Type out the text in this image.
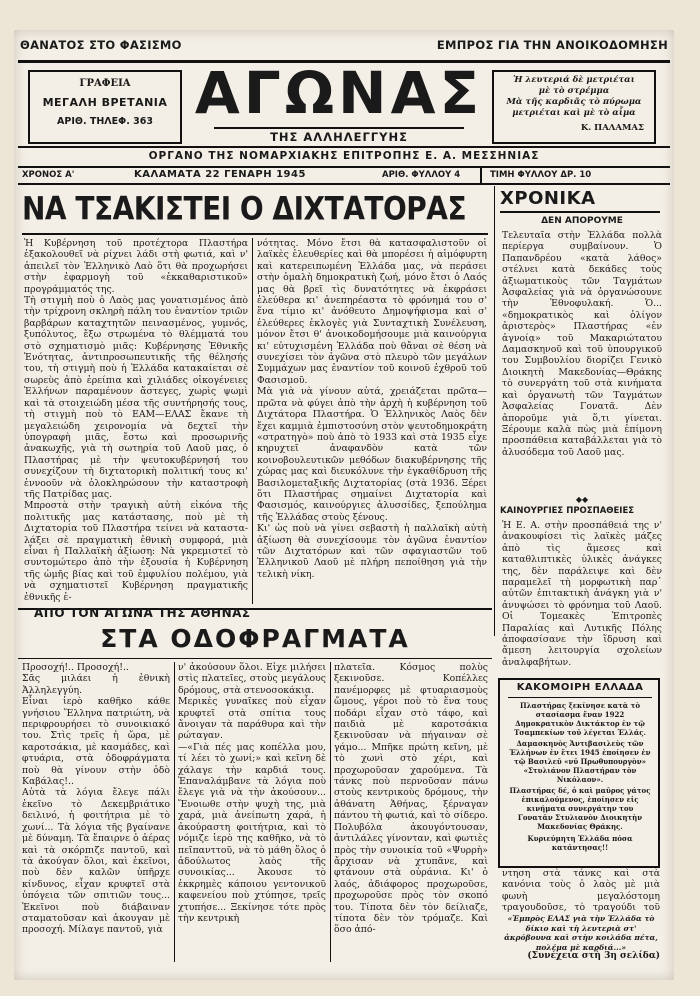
ΘΑΝΑΤΟΣ ΣΤΟ ΦΑΣΙΣΜΟ	ΕΜΠΡΟΣ ΓΙΑ ΤΗΝ ΑΝΟΙΚΟΔΟΜΗΣΗ
ΓΡΑΦΕΙΑ
ΜΕΓΑΛΗ ΒΡΕΤΑΝΙΑ
ΑΡΙΘ. ΤΗΛΕΦ. 363 ΑΓΩΝΑΣ
ΤΗΣ ΑΛΛΗΛΕΓΓΥΗΣ
Ἡ λευτεριά δὲ μετριέται
μὲ τὸ στρέμμα
Μὰ τῆς καρδιᾶς τὸ πύρωμα
μετριέται καὶ μὲ τὸ αἷμα
Κ. ΠΑΛΑΜΑΣ
ΟΡΓΑΝΟ ΤΗΣ ΝΟΜΑΡΧΙΑΚΗΣ ΕΠΙΤΡΟΠΗΣ Ε. Α. ΜΕΣΣΗΝΙΑΣ
ΧΡΟΝΟΣ Α'	ΚΑΛΑΜΑΤΑ 22 ΓΕΝΑΡΗ 1945	ΑΡΙΘ. ΦΥΛΛΟΥ 4	ΤΙΜΗ ΦΥΛΛΟΥ ΔΡ. 10
ΝΑ ΤΣΑΚΙΣΤΕΙ Ο ΔΙΧΤΑΤΟΡΑΣ
Ἡ Κυβέρνηση τοῦ προτέχτορα Πλαστήρα ἐξακολουθεῖ νὰ ρίχνει λάδι στὴ φωτιά, καὶ ν' ἀπειλεῖ τὸν Ἑλληνικὸ Λαὸ ὅτι θὰ προχωρήσει στὴν ἐφαρμογὴ τοῦ «ἐκκαθαριστικοῦ» προγράμματός της.
Τὴ στιγμὴ ποὺ ὁ Λαὸς μας γονατισμένος ἀπὸ τὴν τρίχρονη σκληρὴ πάλη του ἐναντίον τριῶν βαρβάρων καταχτητῶν πεινασμένος, γυμνός, ξυπόλυτος, ἔξω στρωμένα τὸ θλέμματά του στὸ σχηματισμὸ μιᾶς: Κυβέρνησης Ἐθνικῆς Ἑνότητας, ἀντιπροσωπευτικῆς τῆς θέλησής του, τὴ στιγμὴ ποὺ ἡ Ἑλλάδα κατακαίεται σὲ σωρεὺς ἀπὸ ἐρείπια καὶ χιλιάδες οἰκογένειες Ἑλλήνων παραμένουν ἄστεγες, χωρὶς ψωμὶ καὶ τὰ στοιχειώδη μέσα τῆς συντήρησής τους, τὴ στιγμὴ ποὺ τὸ ΕΑΜ—ΕΛΑΣ ἔκανε τὴ μεγαλειώδη χειρονομία νὰ δεχτεῖ τὴν ὑπογραφὴ μιᾶς, ἔστω καὶ προσωρινῆς ἀνακωχῆς, γιὰ τὴ σωτηρία τοῦ Λαοῦ μας, ὁ Πλαστήρας μὲ τὴν ψευτοκυβέρνησή του συνεχίζουν τὴ διχτατορικὴ πολιτική τους κι' ἐννοοῦν νὰ ὁλοκληρώσουν τὴν καταστροφὴ τῆς Πατρίδας μας.
Μπροστὰ στὴν τραγικὴ αὐτὴ εἰκόνα τῆς πολιτικῆς μας κατάστασης, ποὺ μὲ τὴ Διχτατορία τοῦ Πλαστήρα τείνει νὰ κατασταλάξει σὲ πραγματικὴ ἐθνικὴ συμφορά, μιὰ εἶναι ἡ Παλλαϊκὴ ἀξίωση: Νὰ γκρεμιστεῖ τὸ συντομώτερο ἀπὸ τὴν ἐξουσία ἡ Κυβέρνηση τῆς ὠμῆς βίας καὶ τοῦ ἐμφυλίου πολέμου, γιὰ νὰ σχηματιστεῖ Κυβέρνηση πραγματικῆς ἐθνικῆς ἑ-
νότητας. Μόνο ἔτσι θὰ κατασφαλιστοῦν οἱ λαϊκὲς ἐλευθερίες καὶ θὰ μπορέσει ἡ αἱμόφυρτη καὶ κατερειπωμένη Ἑλλάδα μας, νὰ περάσει στὴν ὁμαλὴ δημοκρατικὴ ζωή, μόνο ἔτσι ὁ Λαός μας θὰ βρεῖ τὶς δυνατότητες νὰ ἐκφράσει ἐλεύθερα κι' ἀνεπηρέαστα τὸ φρόνημά του σ' ἕνα τίμιο κι' ἀνόθευτο Δημοψήφισμα καὶ σ' ἐλεύθερες ἐκλογὲς γιὰ Συνταχτικὴ Συνέλευση, μόνον ἔτσι θ' ἀνοικοδομήσουμε μιὰ καινούργια κι' εὐτυχισμένη Ἑλλάδα ποὺ θἄναι σὲ θέση νὰ συνεχίσει τὸν ἀγῶνα στὸ πλευρὸ τῶν μεγάλων Συμμάχων μας ἐναντίον τοῦ κοινοῦ ἐχθροῦ τοῦ Φασισμοῦ.
Μὰ γιὰ νὰ γίνουν αὐτά, χρειάζεται πρῶτα—πρῶτα νὰ φύγει ἀπὸ τὴν ἀρχὴ ἡ κυβέρνηση τοῦ Διχτάτορα Πλαστήρα. Ὁ Ἑλληνικὸς Λαὸς δὲν ἔχει καμμιὰ ἐμπιστοσύνη στὸν ψευτοδημοκράτη «στρατηγὸ» ποὺ ἀπὸ τὸ 1933 καὶ στὰ 1935 εἶχε κηρυχτεῖ ἀναφανδὸν κατὰ τῶν κοινοβουλευτικῶν μεθόδων διακυβέρνησης τῆς χώρας μας καὶ διευκόλυνε τὴν ἐγκαθίδρυση τῆς Βασιλομεταξικῆς Διχτατορίας (στὰ 1936. Ξέρει ὅτι Πλαστήρας σημαίνει Διχτατορία καὶ Φασισμός, καινούργιες ἀλυσσίδες, ξεπούλημα τῆς Ἑλλάδας στοὺς ξένους.
Κι' ὡς ποὺ νὰ γίνει σεβαστὴ ἡ παλλαϊκὴ αὐτὴ ἀξίωση θὰ συνεχίσουμε τὸν ἀγῶνα ἐναντίον τῶν Διχτατόρων καὶ τῶν σφαγιαστῶν τοῦ Ἑλληνικοῦ Λαοῦ μὲ πλήρη πεποίθηση γιὰ τὴν τελικὴ νίκη.
ΧΡΟΝΙΚΑ
ΔΕΝ ΑΠΟΡΟΥΜΕ
Τελευταῖα στὴν Ἑλλάδα πολλὰ περίεργα συμβαίνουν. Ὁ Παπανδρέου «κατὰ λάθος» στέλνει κατὰ δεκάδες τοὺς ἀξιωματικοὺς τῶν Ταγμάτων Ἀσφαλείας γιὰ νὰ ὀργανώσουνε τὴν Ἐθνοφυλακή. Ὁ... «δημοκρατικὸς καὶ ὀλίγον ἀριστερὸς» Πλαστήρας «ἐν ἀγνοίᾳ» τοῦ Μακαριώτατου Δαμασκηνοῦ καὶ τοῦ ὑπουργικοῦ του Συμβουλίου διορίζει Γενικὸ Διοικητὴ Μακεδονίας—Θράκης τὸ συνεργάτη τοῦ στὰ κινήματα καὶ ὀργανωτὴ τῶν Ταγμάτων Ἀσφαλείας Γονατᾶ. Δὲν ἀποροῦμε γιὰ ὅ,τι γίνεται. Ξέρουμε καλὰ πὼς μιὰ ἐπίμονη προσπάθεια καταβάλλεται γιὰ τὸ ἀλυσόδεμα τοῦ Λαοῦ μας.
◆◆
ΚΑΙΝΟΥΡΓΙΕΣ ΠΡΟΣΠΑΘΕΙΕΣ
Ἡ Ε. Α. στὴν προσπάθειά της ν' ἀνακουφίσει τὶς λαϊκὲς μάζες ἀπὸ τὶς ἄμεσες καὶ καταθλιπτικὲς ὑλικὲς ἀνάγκες της, δὲν παράλειψε καὶ δὲν παραμελεῖ τὴ μορφωτικὴ παρ᾽ αὐτῶν ἐπιτακτικὴ ἀνάγκη γιὰ ν' ἀνυψώσει τὸ φρόνημα τοῦ Λαοῦ. Οἱ Τομεακὲς Ἐπιτροπὲς Παραλίας καὶ Λυτικῆς Πόλης ἀποφασίσανε τὴν ἵδρυση καὶ ἄμεση λειτουργία σχολείων ἀναλφαβήτων.
ΑΠΟ ΤΟΝ ΑΓΩΝΑ ΤΗΣ ΑΘΗΝΑΣ
ΣΤΑ ΟΔΟΦΡΑΓΜΑΤΑ
Προσοχή!.. Προσοχή!..
Σᾶς μιλάει ἡ ἐθνικὴ Ἀλληλεγγύη.
Εἶναι ἱερὸ καθῆκο κάθε γνήσιου Ἕλληνα πατριώτη, νὰ περιφρουρήσει τὸ συνοικιακό του. Στὶς τρεῖς ἡ ὥρα, μὲ καροτσάκια, μὲ κασμάδες, καὶ φτυάρια, στὰ ὁδοφράγματα ποὺ θὰ γίνουν στὴν ὁδὸ Καβάλας!..
Αὐτὰ τὰ λόγια ἔλεγε πάλι ἐκεῖνο τὸ Δεκεμβριάτικο δειλινό, ἡ φοιτήτρια μὲ τὸ χωνί... Τὰ λόγια τῆς βγαίνανε μὲ δύναμη. Τὰ ἔπαιρνε ὁ ἀέρας καὶ τὰ σκόρπιζε παντοῦ, καὶ τὰ ἀκούγαν ὅλοι, καὶ ἐκεῖνοι, ποὺ δὲν καλῶν ὑπῆρχε κίνδυνος, εἶχαν κρυφτεῖ στὰ ὑπόγεια τῶν σπιτιῶν τους... Ἐκεῖνοι ποὺ διάβαιναν σταματοῦσαν καὶ ἀκουγαν μὲ προσοχή. Μίλαγε παντοῦ, γιὰ
ν' ἀκούσουν ὅλοι. Εἶχε μιλήσει στὶς πλατεῖες, στοὺς μεγάλους δρόμους, στὰ στενοσοκάκια.
Μερικὲς γυναῖκες ποὺ εἶχαν κρυφτεῖ στὰ σπίτια τους ἄνοιγαν τὰ παράθυρα καὶ τὴν ρώταγαν.
—«Γιὰ πές μας κοπέλλα μου, τί λέει τὸ χωνί;» καὶ κεῖνη δὲ χάλαγε τὴν καρδιά τους. Ἐπαναλάμβανε τὰ λόγια ποὺ ἔλεγε γιὰ νὰ τὴν ἀκούσουν... Ἔνοιωθε στὴν ψυχὴ της, μιὰ χαρά, μιὰ ἀνείπωτη χαρά, ἡ ἀκούραστη φοιτήτρια, καὶ τὸ νόμιζε ἱερὸ της καθῆκο, νὰ τὸ πεῖπανττοῦ, νὰ τὸ μάθη ὅλος ὁ ἀδούλωτος λαὸς τῆς συνοικίας... Ἀκουσε τὸ ἐκκρημὲς κάποιου γεντονικοῦ καφενείου ποὺ χτύπησε, τρεῖς χτυπήσε... Ξεκίνησε τότε πρὸς τὴν κεντρικὴ
πλατεῖα. Κόσμος πολὺς ξεκινοῦσε. Κοπέλλες πανέμορφες μὲ φτυαριασμοὺς ὤμους, γέροι ποὺ τὸ ἕνα τους ποδάρι εἶχαν στὸ τάφο, καὶ παιδιὰ μὲ καροτσάκια ξεκινοῦσαν νὰ πήγαιναν σὲ γάμο... Μπῆκε πρώτη κεῖνη, μὲ τὸ χωνὶ στὸ χέρι, καὶ προχωροῦσαν χαρούμενα. Τὰ τάνκς ποὺ περνοῦσαν πάνω στοὺς κεντρικοὺς δρόμους, τὴν ἀθάνατη Ἀθήνας, ξέρναγαν πάντου τὴ φωτιά, καὶ τὸ σίδερο. Πολυβόλα ἀκουγόντουσαν, ἀντιλάλες γίνονταν, καὶ φωτιὲς πρὸς τὴν συνοικία τοῦ «Ψυρρὴ» ἄρχισαν νὰ χτυπᾶνε, καὶ φτάνουν στὰ οὐράνια. Κι' ὁ λαός, ἀδιάφορος προχωροῦσε, προχωροῦσε πρὸς τὸν σκοπό του. Τίποτα δὲν τὸν δείλιαζε, τίποτα δὲν τὸν τρόμαζε. Καὶ ὅσο ἀπό-
ΚΑΚΟΜΟΙΡΗ ΕΛΛΑΔΑ
Πλαστήρας ξεκίνησε κατὰ τὸ στασίασμα ἔναν 1922 Δημοκρατικὸν Δικτάκτορ ἐν τῷ Τσαμπεκίων τοῦ λέγεται Ἐλλάς.
Δαμασκηνὸς Ἀντιβασιλεὺς τῶν Ἑλλήνων ἐν ἔτει 1945 ἐποίησεν ἐν τῷ Βασιλεῦ «νῦ Πρωθυπουργὸν» «Στυλιάνον Πλαστήραν τὸν Νικόλαον».
Πλαστήρας δέ, ὁ καὶ μαῦρος γάτος ἐπικαλούμενος, ἐποίησεν εἰς κινήματα συνεργάτην του Γονατᾶν Στυλιανὸν Διοικητὴν Μακεδονίας Θράκης.
Κυριεύμητη Ἑλλάδα πόσα κατάντησας!!
ντηση στὰ τάνκς καὶ στὰ κανόνια τοὺς ὁ λαὸς μὲ μιὰ φωνὴ μεγαλόστομη τραγουδοῦσε, τὸ τραγούδι τοῦ
«Ἐμπρὸς ΕΛΑΣ γιὰ τὴν Ἑλλάδα τὸ δίκιο καὶ τὴ λευτεριὰ στ' ἀκρόβουνα καὶ στὴν κοιλάδα πέτα, πολέμα μὲ καρδιά...»
(Συνέχεια στὴ 3η σελίδα)
